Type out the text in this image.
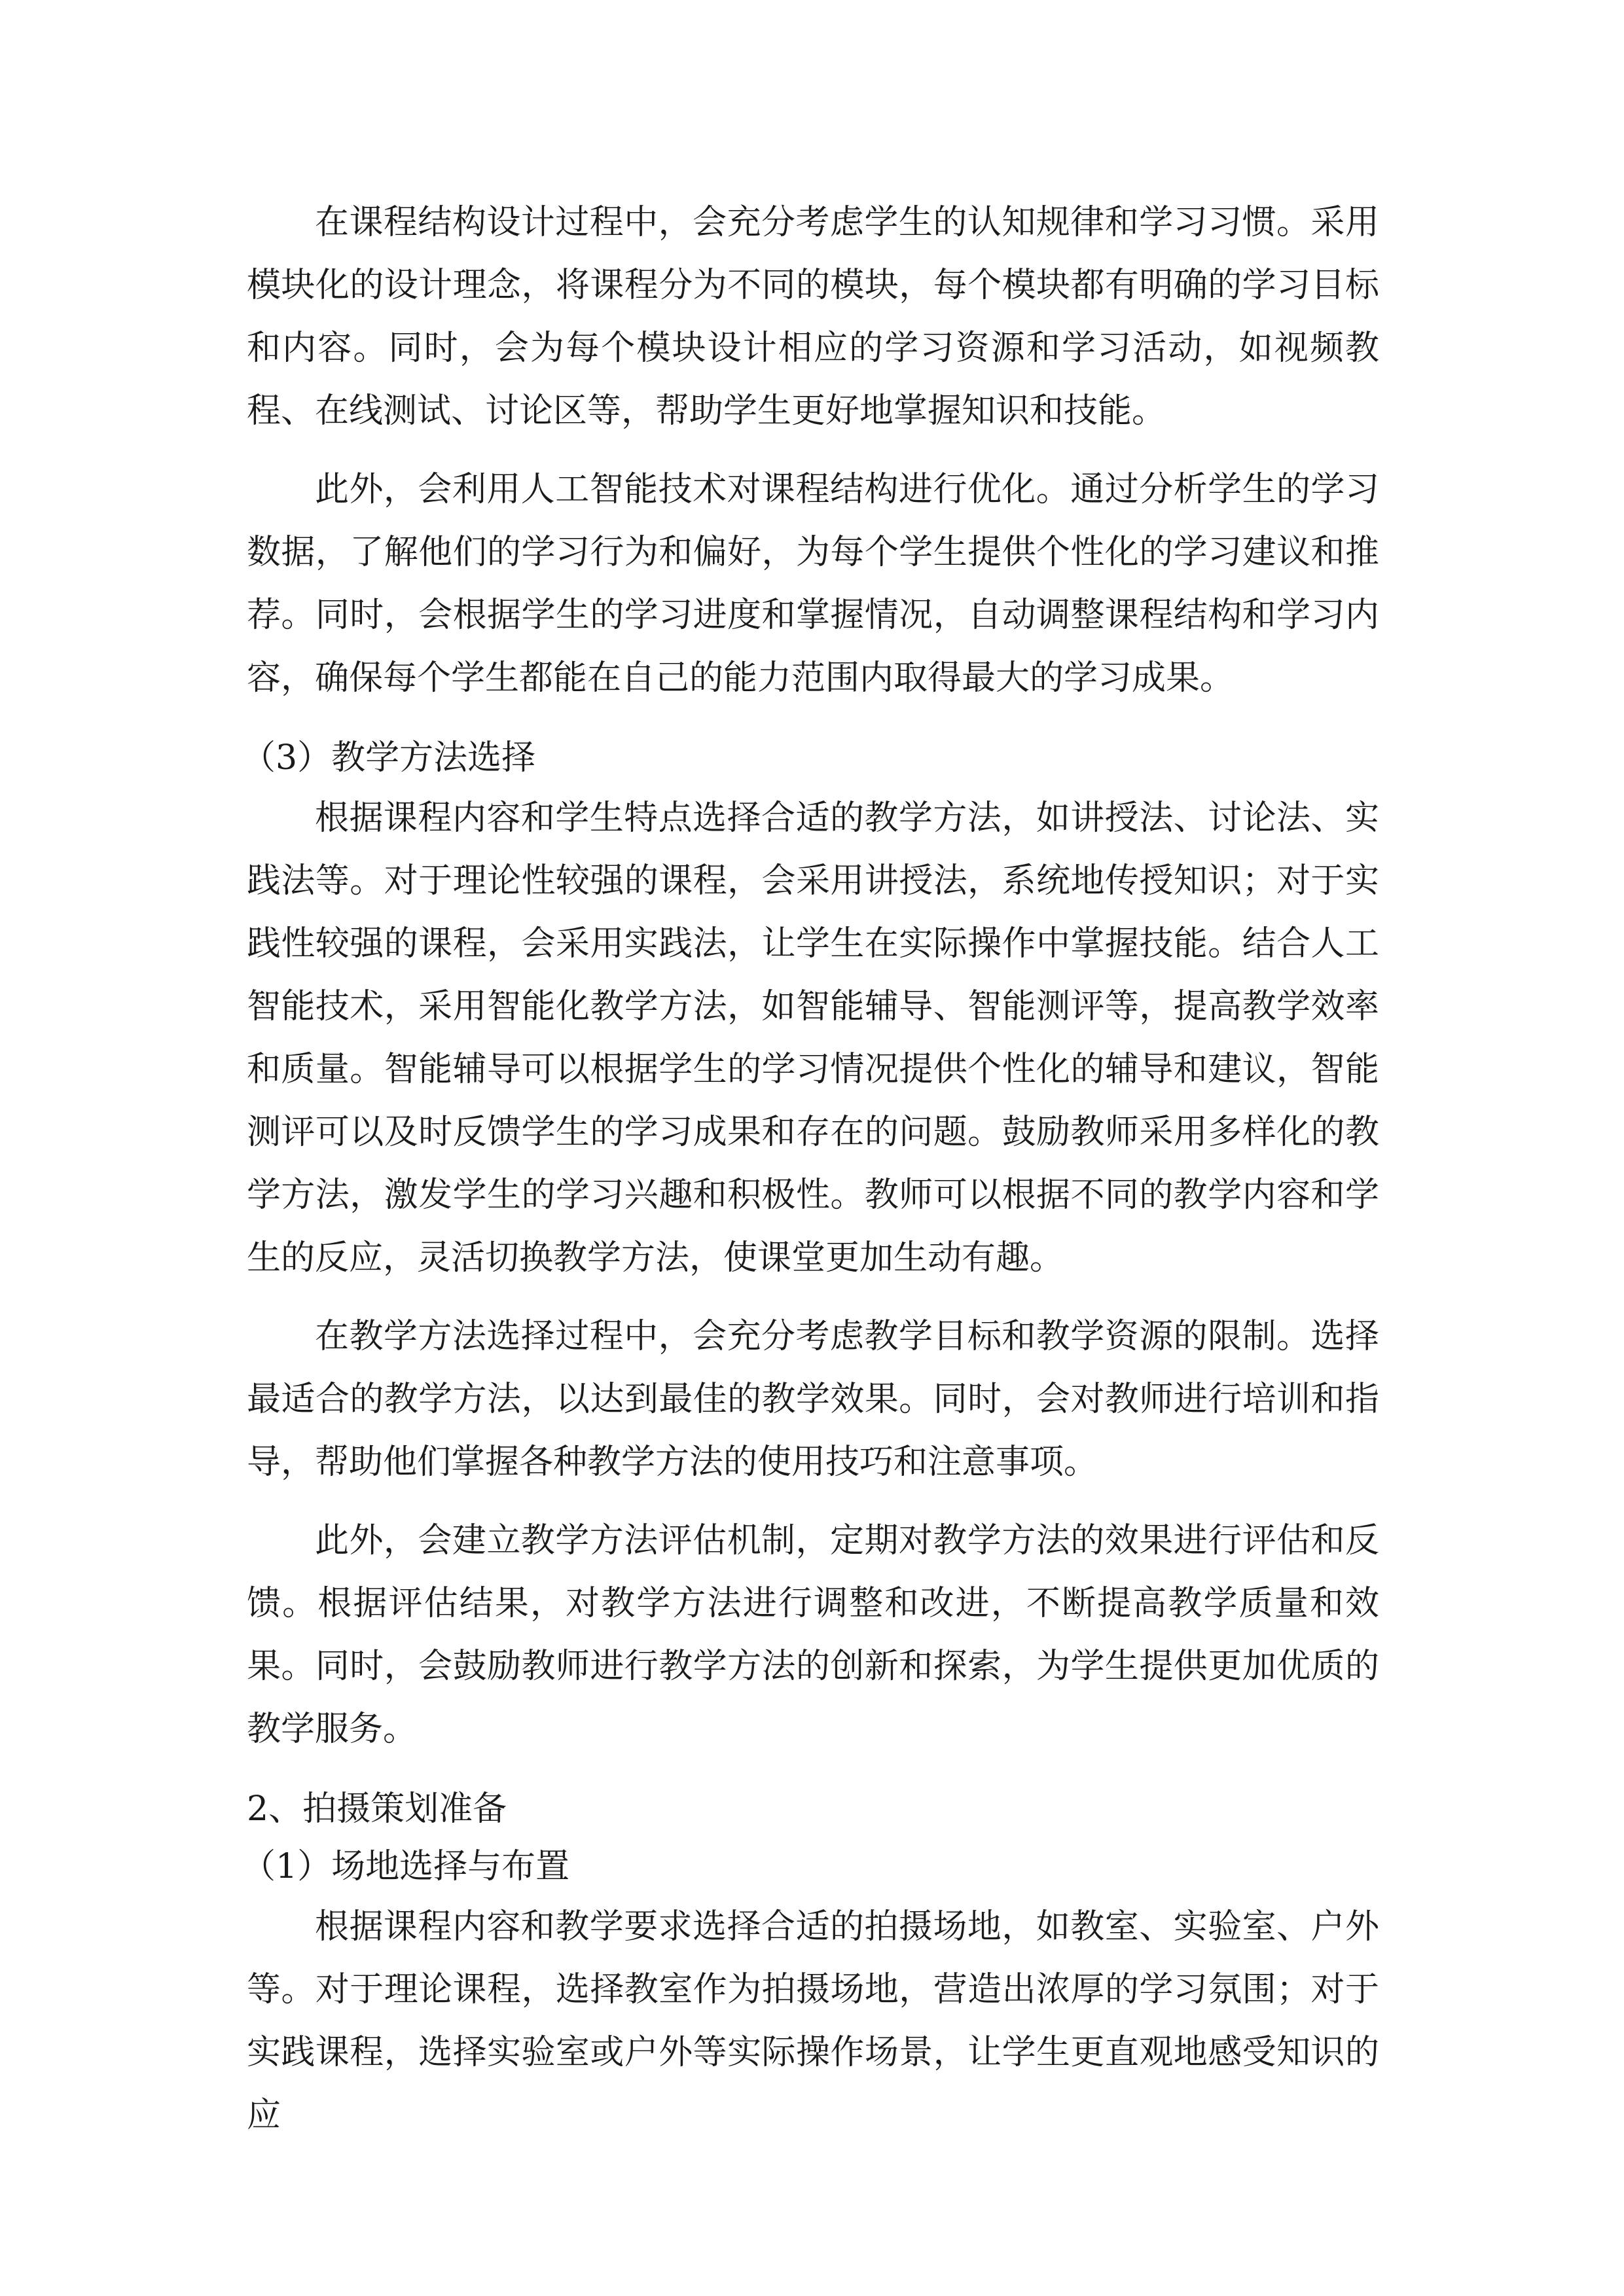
在课程结构设计过程中，会充分考虑学生的认知规律和学习习惯。采用模块化的设计理念，将课程分为不同的模块，每个模块都有明确的学习目标和内容。同时，会为每个模块设计相应的学习资源和学习活动，如视频教程、在线测试、讨论区等，帮助学生更好地掌握知识和技能。

此外，会利用人工智能技术对课程结构进行优化。通过分析学生的学习数据，了解他们的学习行为和偏好，为每个学生提供个性化的学习建议和推荐。同时，会根据学生的学习进度和掌握情况，自动调整课程结构和学习内容，确保每个学生都能在自己的能力范围内取得最大的学习成果。

（3）教学方法选择

根据课程内容和学生特点选择合适的教学方法，如讲授法、讨论法、实践法等。对于理论性较强的课程，会采用讲授法，系统地传授知识；对于实践性较强的课程，会采用实践法，让学生在实际操作中掌握技能。结合人工智能技术，采用智能化教学方法，如智能辅导、智能测评等，提高教学效率和质量。智能辅导可以根据学生的学习情况提供个性化的辅导和建议，智能测评可以及时反馈学生的学习成果和存在的问题。鼓励教师采用多样化的教学方法，激发学生的学习兴趣和积极性。教师可以根据不同的教学内容和学生的反应，灵活切换教学方法，使课堂更加生动有趣。

在教学方法选择过程中，会充分考虑教学目标和教学资源的限制。选择最适合的教学方法，以达到最佳的教学效果。同时，会对教师进行培训和指导，帮助他们掌握各种教学方法的使用技巧和注意事项。

此外，会建立教学方法评估机制，定期对教学方法的效果进行评估和反馈。根据评估结果，对教学方法进行调整和改进，不断提高教学质量和效果。同时，会鼓励教师进行教学方法的创新和探索，为学生提供更加优质的教学服务。

2、拍摄策划准备

（1）场地选择与布置

根据课程内容和教学要求选择合适的拍摄场地，如教室、实验室、户外等。对于理论课程，选择教室作为拍摄场地，营造出浓厚的学习氛围；对于实践课程，选择实验室或户外等实际操作场景，让学生更直观地感受知识的应
